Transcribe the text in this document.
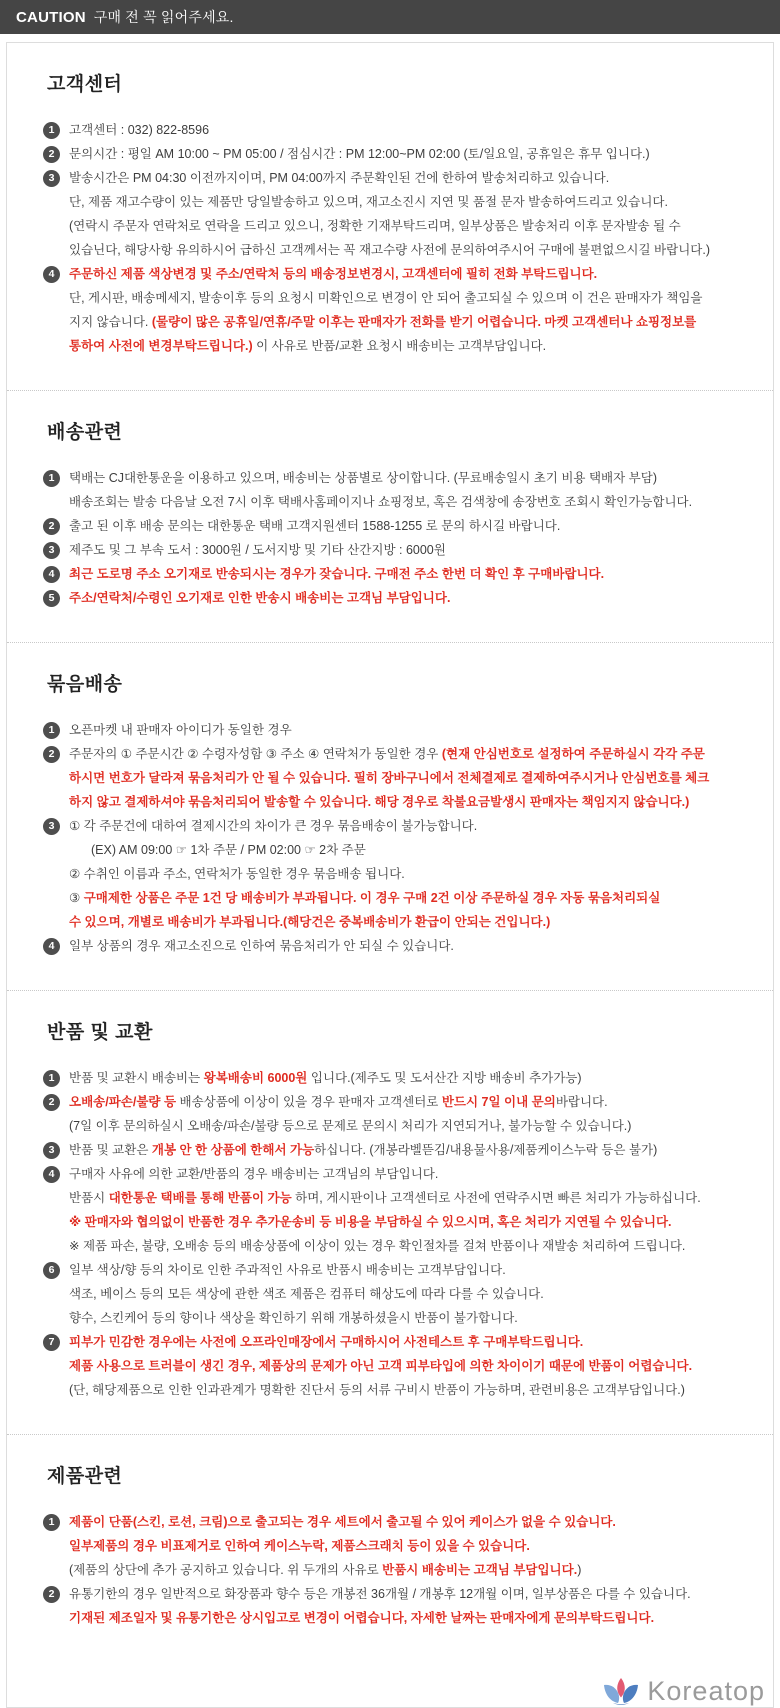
CAUTION 구매 전 꼭 읽어주세요.
고객센터
1	고객센터 : 032) 822-8596
2	문의시간 : 평일 AM 10:00 ~ PM 05:00 / 점심시간 : PM 12:00~PM 02:00 (토/일요일, 공휴일은 휴무 입니다.)
3	발송시간은 PM 04:30 이전까지이며, PM 04:00까지 주문확인된 건에 한하여 발송처리하고 있습니다.
단, 제품 재고수량이 있는 제품만 당일발송하고 있으며, 재고소진시 지연 및 품절 문자 발송하여드리고 있습니다.
(연락시 주문자 연락처로 연락을 드리고 있으니, 정확한 기재부탁드리며, 일부상품은 발송처리 이후 문자발송 될 수
있습닌다, 해당사항 유의하시어 급하신 고객께서는 꼭 재고수량 사전에 문의하여주시어 구매에 불편없으시길 바랍니다.)
4	주문하신 제품 색상변경 및 주소/연락처 등의 배송정보변경시, 고객센터에 필히 전화 부탁드립니다.
단, 게시판, 배송메세지, 발송이후 등의 요청시 미확인으로 변경이 안 되어 출고되실 수 있으며 이 건은 판매자가 책임을
지지 않습니다. (물량이 많은 공휴일/연휴/주말 이후는 판매자가 전화를 받기 어렵습니다. 마켓 고객센터나 쇼핑정보를
통하여 사전에 변경부탁드립니다.) 이 사유로 반품/교환 요청시 배송비는 고객부담입니다.
배송관련
1	택배는 CJ대한통운을 이용하고 있으며, 배송비는 상품별로 상이합니다. (무료배송일시 초기 비용 택배자 부담)
배송조회는 발송 다음날 오전 7시 이후 택배사홈페이지나 쇼핑정보, 혹은 검색창에 송장번호 조회시 확인가능합니다.
2	출고 된 이후 배송 문의는 대한통운 택배 고객지원센터 1588-1255 로 문의 하시길 바랍니다.
3	제주도 및 그 부속 도서 : 3000원 / 도서지방 및 기타 산간지방 : 6000원
4	최근 도로명 주소 오기재로 반송되시는 경우가 잦습니다. 구매전 주소 한번 더 확인 후 구매바랍니다.
5	주소/연락처/수령인 오기재로 인한 반송시 배송비는 고객님 부담입니다.
묶음배송
1	오픈마켓 내 판매자 아이디가 동일한 경우
2	주문자의 ① 주문시간 ② 수령자성함 ③ 주소 ④ 연락처가 동일한 경우 (현재 안심번호로 설정하여 주문하실시 각각 주문
하시면 번호가 달라져 묶음처리가 안 될 수 있습니다. 필히 장바구니에서 전체결제로 결제하여주시거나 안심번호를 체크
하지 않고 결제하셔야 묶음처리되어 발송할 수 있습니다. 해당 경우로 착불요금발생시 판매자는 책임지지 않습니다.)
3	① 각 주문건에 대하여 결제시간의 차이가 큰 경우 묶음배송이 불가능합니다.
(EX) AM 09:00 ☞ 1차 주문 / PM 02:00 ☞ 2차 주문
② 수취인 이름과 주소, 연락처가 동일한 경우 묶음배송 됩니다.
③ 구매제한 상품은 주문 1건 당 배송비가 부과됩니다. 이 경우 구매 2건 이상 주문하실 경우 자동 묶음처리되실
수 있으며, 개별로 배송비가 부과됩니다.(해당건은 중복배송비가 환급이 안되는 건입니다.)
4	일부 상품의 경우 재고소진으로 인하여 묶음처리가 안 되실 수 있습니다.
반품 및 교환
1	반품 및 교환시 배송비는 왕복배송비 6000원 입니다.(제주도 및 도서산간 지방 배송비 추가가능)
2	오배송/파손/불량 등 배송상품에 이상이 있을 경우 판매자 고객센터로 반드시 7일 이내 문의바랍니다.
(7일 이후 문의하실시 오배송/파손/불량 등으로 문제로 문의시 처리가 지연되거나, 불가능할 수 있습니다.)
3	반품 및 교환은 개봉 안 한 상품에 한해서 가능하십니다. (개봉라벨뜯김/내용물사용/제품케이스누락 등은 불가)
4	구매자 사유에 의한 교환/반품의 경우 배송비는 고객님의 부담입니다.
반품시 대한통운 택배를 통해 반품이 가능 하며, 게시판이나 고객센터로 사전에 연락주시면 빠른 처리가 가능하십니다.
※ 판매자와 협의없이 반품한 경우 추가운송비 등 비용을 부담하실 수 있으시며, 혹은 처리가 지연될 수 있습니다.
※ 제품 파손, 불량, 오배송 등의 배송상품에 이상이 있는 경우 확인절차를 걸쳐 반품이나 재발송 처리하여 드립니다.
6	일부 색상/향 등의 차이로 인한 주과적인 사유로 반품시 배송비는 고객부담입니다.
색조, 베이스 등의 모든 색상에 관한 색조 제품은 컴퓨터 해상도에 따라 다를 수 있습니다.
향수, 스킨케어 등의 향이나 색상을 확인하기 위해 개봉하셨을시 반품이 불가합니다.
7	피부가 민감한 경우에는 사전에 오프라인매장에서 구매하시어 사전테스트 후 구매부탁드립니다.
제품 사용으로 트러블이 생긴 경우, 제품상의 문제가 아닌 고객 피부타입에 의한 차이이기 때문에 반품이 어렵습니다.
(단, 해당제품으로 인한 인과관계가 명확한 진단서 등의 서류 구비시 반품이 가능하며, 관련비용은 고객부담입니다.)
제품관련
1	제품이 단품(스킨, 로션, 크림)으로 출고되는 경우 세트에서 출고될 수 있어 케이스가 없을 수 있습니다.
일부제품의 경우 비표제거로 인하여 케이스누락, 제품스크래치 등이 있을 수 있습니다.
(제품의 상단에 추가 공지하고 있습니다. 위 두개의 사유로 반품시 배송비는 고객님 부담입니다.)
2	유통기한의 경우 일반적으로 화장품과 향수 등은 개봉전 36개월 / 개봉후 12개월 이며, 일부상품은 다를 수 있습니다.
기재된 제조일자 및 유통기한은 상시입고로 변경이 어렵습니다, 자세한 날짜는 판매자에게 문의부탁드립니다.
Koreatop
